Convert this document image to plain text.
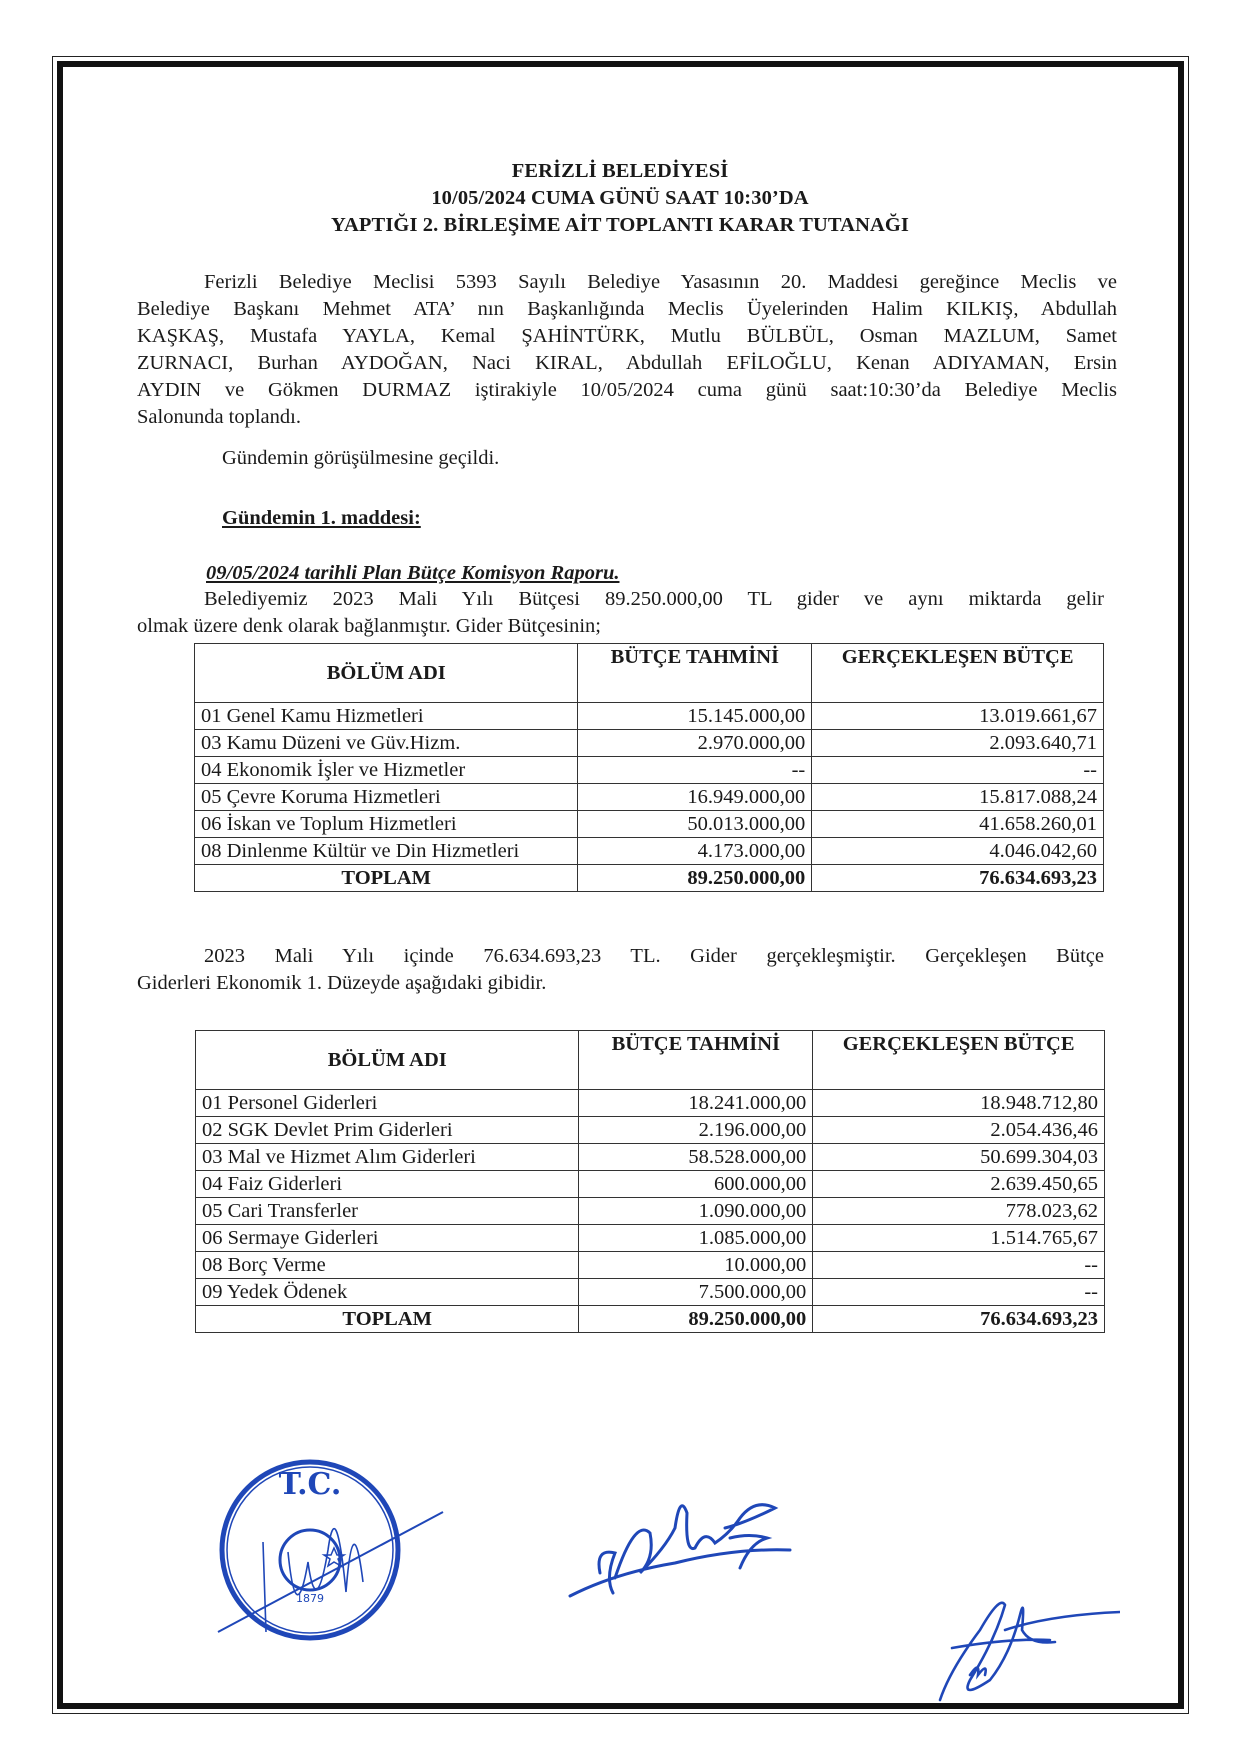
FERİZLİ BELEDİYESİ
10/05/2024 CUMA GÜNÜ SAAT 10:30’DA
YAPTIĞI 2. BİRLEŞİME AİT TOPLANTI KARAR TUTANAĞI
Ferizli Belediye Meclisi 5393 Sayılı Belediye Yasasının 20. Maddesi gereğince Meclis ve
Belediye Başkanı Mehmet ATA’ nın Başkanlığında Meclis Üyelerinden Halim KILKIŞ, Abdullah
KAŞKAŞ, Mustafa YAYLA, Kemal ŞAHİNTÜRK, Mutlu BÜLBÜL, Osman MAZLUM, Samet
ZURNACI, Burhan AYDOĞAN, Naci KIRAL, Abdullah EFİLOĞLU, Kenan ADIYAMAN, Ersin
AYDIN ve Gökmen DURMAZ iştirakiyle 10/05/2024 cuma günü saat:10:30’da Belediye Meclis
Salonunda toplandı.
Gündemin görüşülmesine geçildi.
Gündemin 1. maddesi:
09/05/2024 tarihli Plan Bütçe Komisyon Raporu.
Belediyemiz 2023 Mali Yılı Bütçesi 89.250.000,00 TL gider ve aynı miktarda gelir
olmak üzere denk olarak bağlanmıştır. Gider Bütçesinin;
BÖLÜM ADI	BÜTÇE TAHMİNİ	GERÇEKLEŞEN BÜTÇE
01 Genel Kamu Hizmetleri	15.145.000,00	13.019.661,67
03 Kamu Düzeni ve Güv.Hizm.	2.970.000,00	2.093.640,71
04 Ekonomik İşler ve Hizmetler	--	--
05 Çevre Koruma Hizmetleri	16.949.000,00	15.817.088,24
06 İskan ve Toplum Hizmetleri	50.013.000,00	41.658.260,01
08 Dinlenme Kültür ve Din Hizmetleri	4.173.000,00	4.046.042,60
TOPLAM	89.250.000,00	76.634.693,23
2023 Mali Yılı içinde 76.634.693,23 TL. Gider gerçekleşmiştir. Gerçekleşen Bütçe
Giderleri Ekonomik 1. Düzeyde aşağıdaki gibidir.
BÖLÜM ADI	BÜTÇE TAHMİNİ	GERÇEKLEŞEN BÜTÇE
01 Personel Giderleri	18.241.000,00	18.948.712,80
02 SGK Devlet Prim Giderleri	2.196.000,00	2.054.436,46
03 Mal ve Hizmet Alım Giderleri	58.528.000,00	50.699.304,03
04 Faiz Giderleri	600.000,00	2.639.450,65
05 Cari Transferler	1.090.000,00	778.023,62
06 Sermaye Giderleri	1.085.000,00	1.514.765,67
08 Borç Verme	10.000,00	--
09 Yedek Ödenek	7.500.000,00	--
TOPLAM	89.250.000,00	76.634.693,23
T.C.
1879
